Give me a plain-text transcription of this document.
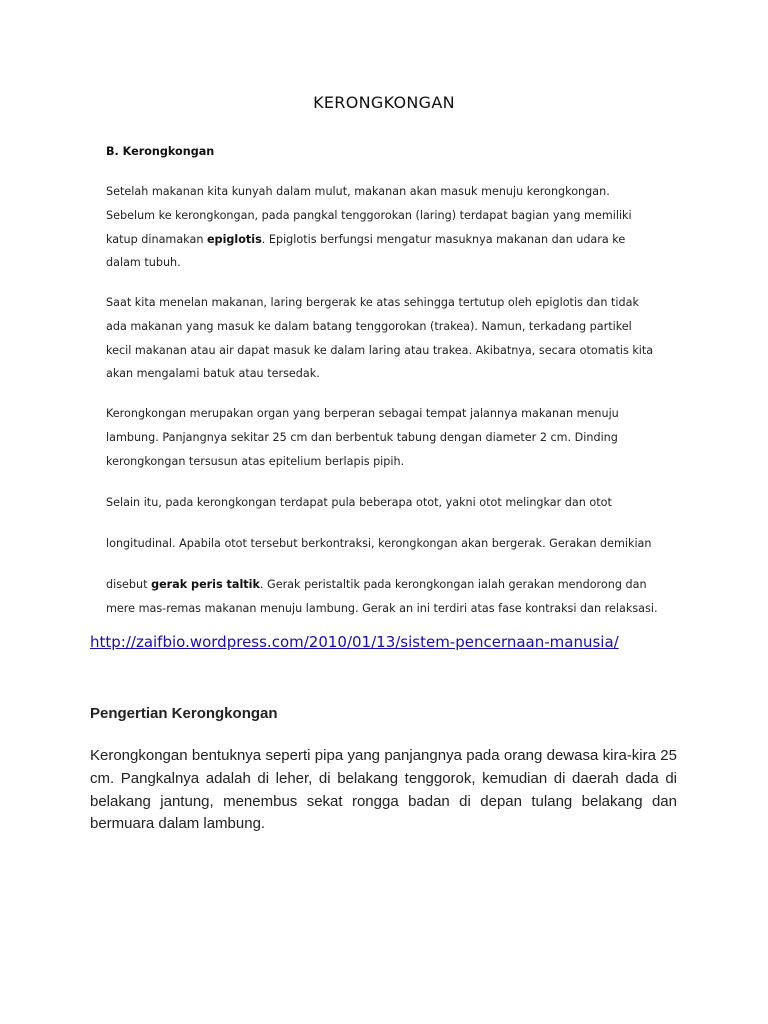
KERONGKONGAN
B. Kerongkongan
Setelah makanan kita kunyah dalam mulut, makanan akan masuk menuju kerongkongan.
Sebelum ke kerongkongan, pada pangkal tenggorokan (laring) terdapat bagian yang memiliki
katup dinamakan epiglotis. Epiglotis berfungsi mengatur masuknya makanan dan udara ke
dalam tubuh.
Saat kita menelan makanan, laring bergerak ke atas sehingga tertutup oleh epiglotis dan tidak
ada makanan yang masuk ke dalam batang tenggorokan (trakea). Namun, terkadang partikel
kecil makanan atau air dapat masuk ke dalam laring atau trakea. Akibatnya, secara otomatis kita
akan mengalami batuk atau tersedak.
Kerongkongan merupakan organ yang berperan sebagai tempat jalannya makanan menuju
lambung. Panjangnya sekitar 25 cm dan berbentuk tabung dengan diameter 2 cm. Dinding
kerongkongan tersusun atas epitelium berlapis pipih.
Selain itu, pada kerongkongan terdapat pula beberapa otot, yakni otot melingkar dan otot
longitudinal. Apabila otot tersebut berkontraksi, kerongkongan akan bergerak. Gerakan demikian
disebut gerak peris taltik. Gerak peristaltik pada kerongkongan ialah gerakan mendorong dan
mere mas-remas makanan menuju lambung. Gerak an ini terdiri atas fase kontraksi dan relaksasi.
http://zaifbio.wordpress.com/2010/01/13/sistem-pencernaan-manusia/
Pengertian Kerongkongan
Kerongkongan bentuknya seperti pipa yang panjangnya pada orang dewasa kira-kira 25
cm. Pangkalnya adalah di leher, di belakang tenggorok, kemudian di daerah dada di
belakang jantung, menembus sekat rongga badan di depan tulang belakang dan
bermuara dalam lambung.
